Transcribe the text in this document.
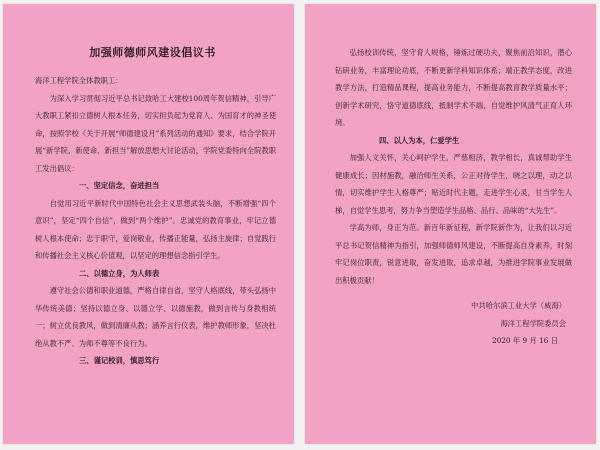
加强师德师风建设倡议书

海洋工程学院全体教职工：

为深入学习贯彻习近平总书记致哈工大建校100周年贺信精神，引导广大教职工紧扣立德树人根本任务，切实担负起为党育人、为国育才的神圣使命，按照学校《关于开展“师德建设月”系列活动的通知》要求，结合学院开展“新学院、新使命、新担当”解放思想大讨论活动，学院党委特向全院教职工发出倡议：

一、坚定信念，奋进担当

自觉用习近平新时代中国特色社会主义思想武装头脑，不断增强“四个意识”，坚定“四个自信”，做到“两个维护”。忠诚党的教育事业，牢记立德树人根本使命；忠于职守，爱岗敬业，传播正能量，弘扬主旋律；自觉践行和传播社会主义核心价值观，以坚定的理想信念指引学生。

二、以德立身，为人师表

遵守社会公德和职业道德，严格自律自省，坚守人格底线，带头弘扬中华传统美德；坚持以德立身、以德立学、以德施教，做到言传与身教相统一；树立优良教风，做到清廉从教；涵养言行仪表，维护教师形象，坚决杜绝从教不严、为师不尊等不良行为。

三、谨记校训，慎思笃行

弘扬校训传统，坚守育人规格，锤炼过硬功夫，聚焦前沿知识，潜心钻研业务，丰富理论功底，不断更新学科知识体系；端正教学态度，改进教学方法，打造精品课程，提高业务能力，不断提高教育教学质量水平；创新学术研究，恪守道德底线，抵制学术不端，自觉维护风清气正育人环境。

四、以人为本，仁爱学生

加强人文关怀，关心呵护学生，严慈相济，教学相长，真诚帮助学生健康成长；因材施教，融洽师生关系，公正对待学生，晓之以理，动之以情，切实维护学生人格尊严；贴近时代主题，走进学生心灵，甘当学生人梯，自觉学生思考，努力争当塑造学生品格、品行、品味的“大先生”。

学高为师，身正为范。新百年新征程，新学院新作为，让我们以习近平总书记贺信精神为指引，加强师德师风建设，不断提高自身素养，时刻牢记岗位职责，锐意进取，奋发进取，追求卓越，为推进学院事业发展做出积极贡献！

中共哈尔滨工业大学（威海）

海洋工程学院委员会

2020 年 9 月 16 日
